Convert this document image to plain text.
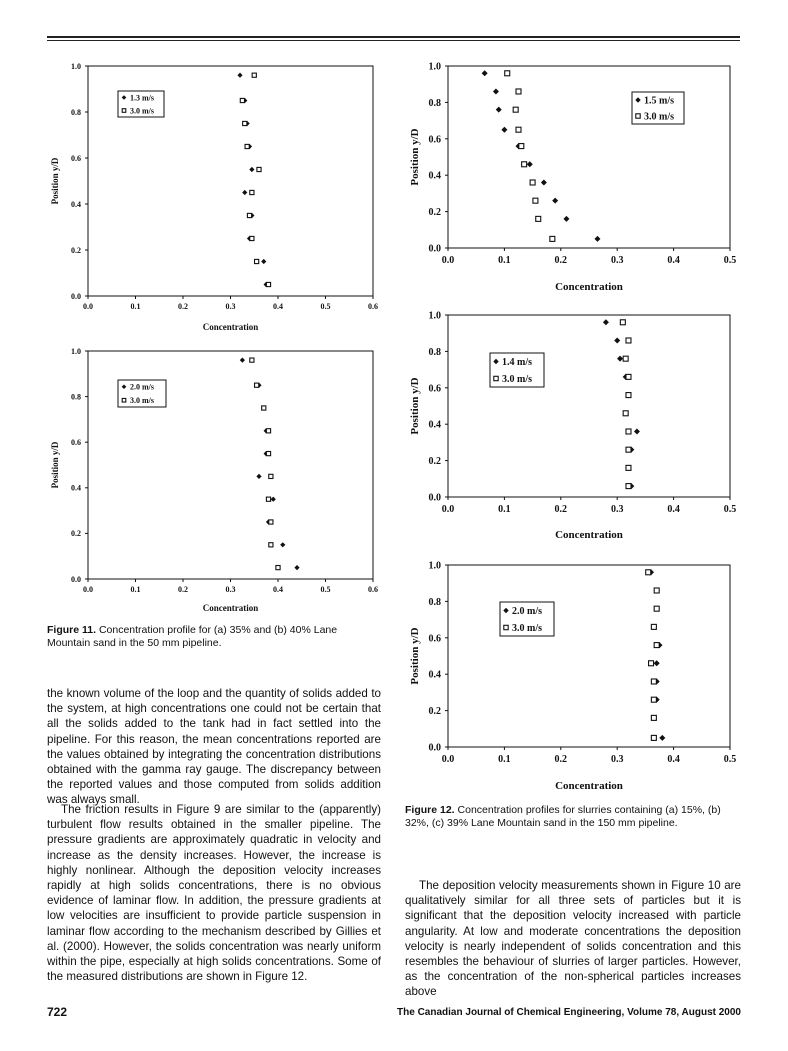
0.0	0.1	0.2	0.3	0.4	0.5	0.6
0.0
0.2
0.4
0.6
0.8
1.0
Concentration
Position y/D
1.3 m/s
3.0 m/s
0.0	0.1	0.2	0.3	0.4	0.5	0.6
0.0
0.2
0.4
0.6
0.8
1.0
Concentration
Position y/D
2.0 m/s
3.0 m/s
0.0	0.1	0.2	0.3	0.4	0.5
0.0
0.2
0.4
0.6
0.8
1.0
Concentration
Position y/D
1.5 m/s
3.0 m/s
0.0	0.1	0.2	0.3	0.4	0.5
0.0
0.2
0.4
0.6
0.8
1.0
Concentration
Position y/D
1.4 m/s
3.0 m/s
0.0	0.1	0.2	0.3	0.4	0.5
0.0
0.2
0.4
0.6
0.8
1.0
Concentration
Position y/D
2.0 m/s
3.0 m/s
Figure 11. Concentration profile for (a) 35% and (b) 40% Lane Mountain sand in the 50 mm pipeline.

the known volume of the loop and the quantity of solids added to the system, at high concentrations one could not be certain that all the solids added to the tank had in fact settled into the pipeline. For this reason, the mean concentrations reported are the values obtained by integrating the concentration distributions obtained with the gamma ray gauge. The discrepancy between the reported values and those computed from solids addition was always small.

The friction results in Figure 9 are similar to the (apparently) turbulent flow results obtained in the smaller pipeline. The pressure gradients are approximately quadratic in velocity and increase as the density increases. However, the increase is highly nonlinear. Although the deposition velocity increases rapidly at high solids concentrations, there is no obvious evidence of laminar flow. In addition, the pressure gradients at low velocities are insufficient to provide particle suspension in laminar flow according to the mechanism described by Gillies et al. (2000). However, the solids concentration was nearly uniform within the pipe, especially at high solids concentrations. Some of the measured distributions are shown in Figure 12.

Figure 12. Concentration profiles for slurries containing (a) 15%, (b) 32%, (c) 39% Lane Mountain sand in the 150 mm pipeline.

The deposition velocity measurements shown in Figure 10 are qualitatively similar for all three sets of particles but it is significant that the deposition velocity increased with particle angularity. At low and moderate concentrations the deposition velocity is nearly independent of solids concentration and this resembles the behaviour of slurries of larger particles. However, as the concentration of the non-spherical particles increases above

722	The Canadian Journal of Chemical Engineering, Volume 78, August 2000
